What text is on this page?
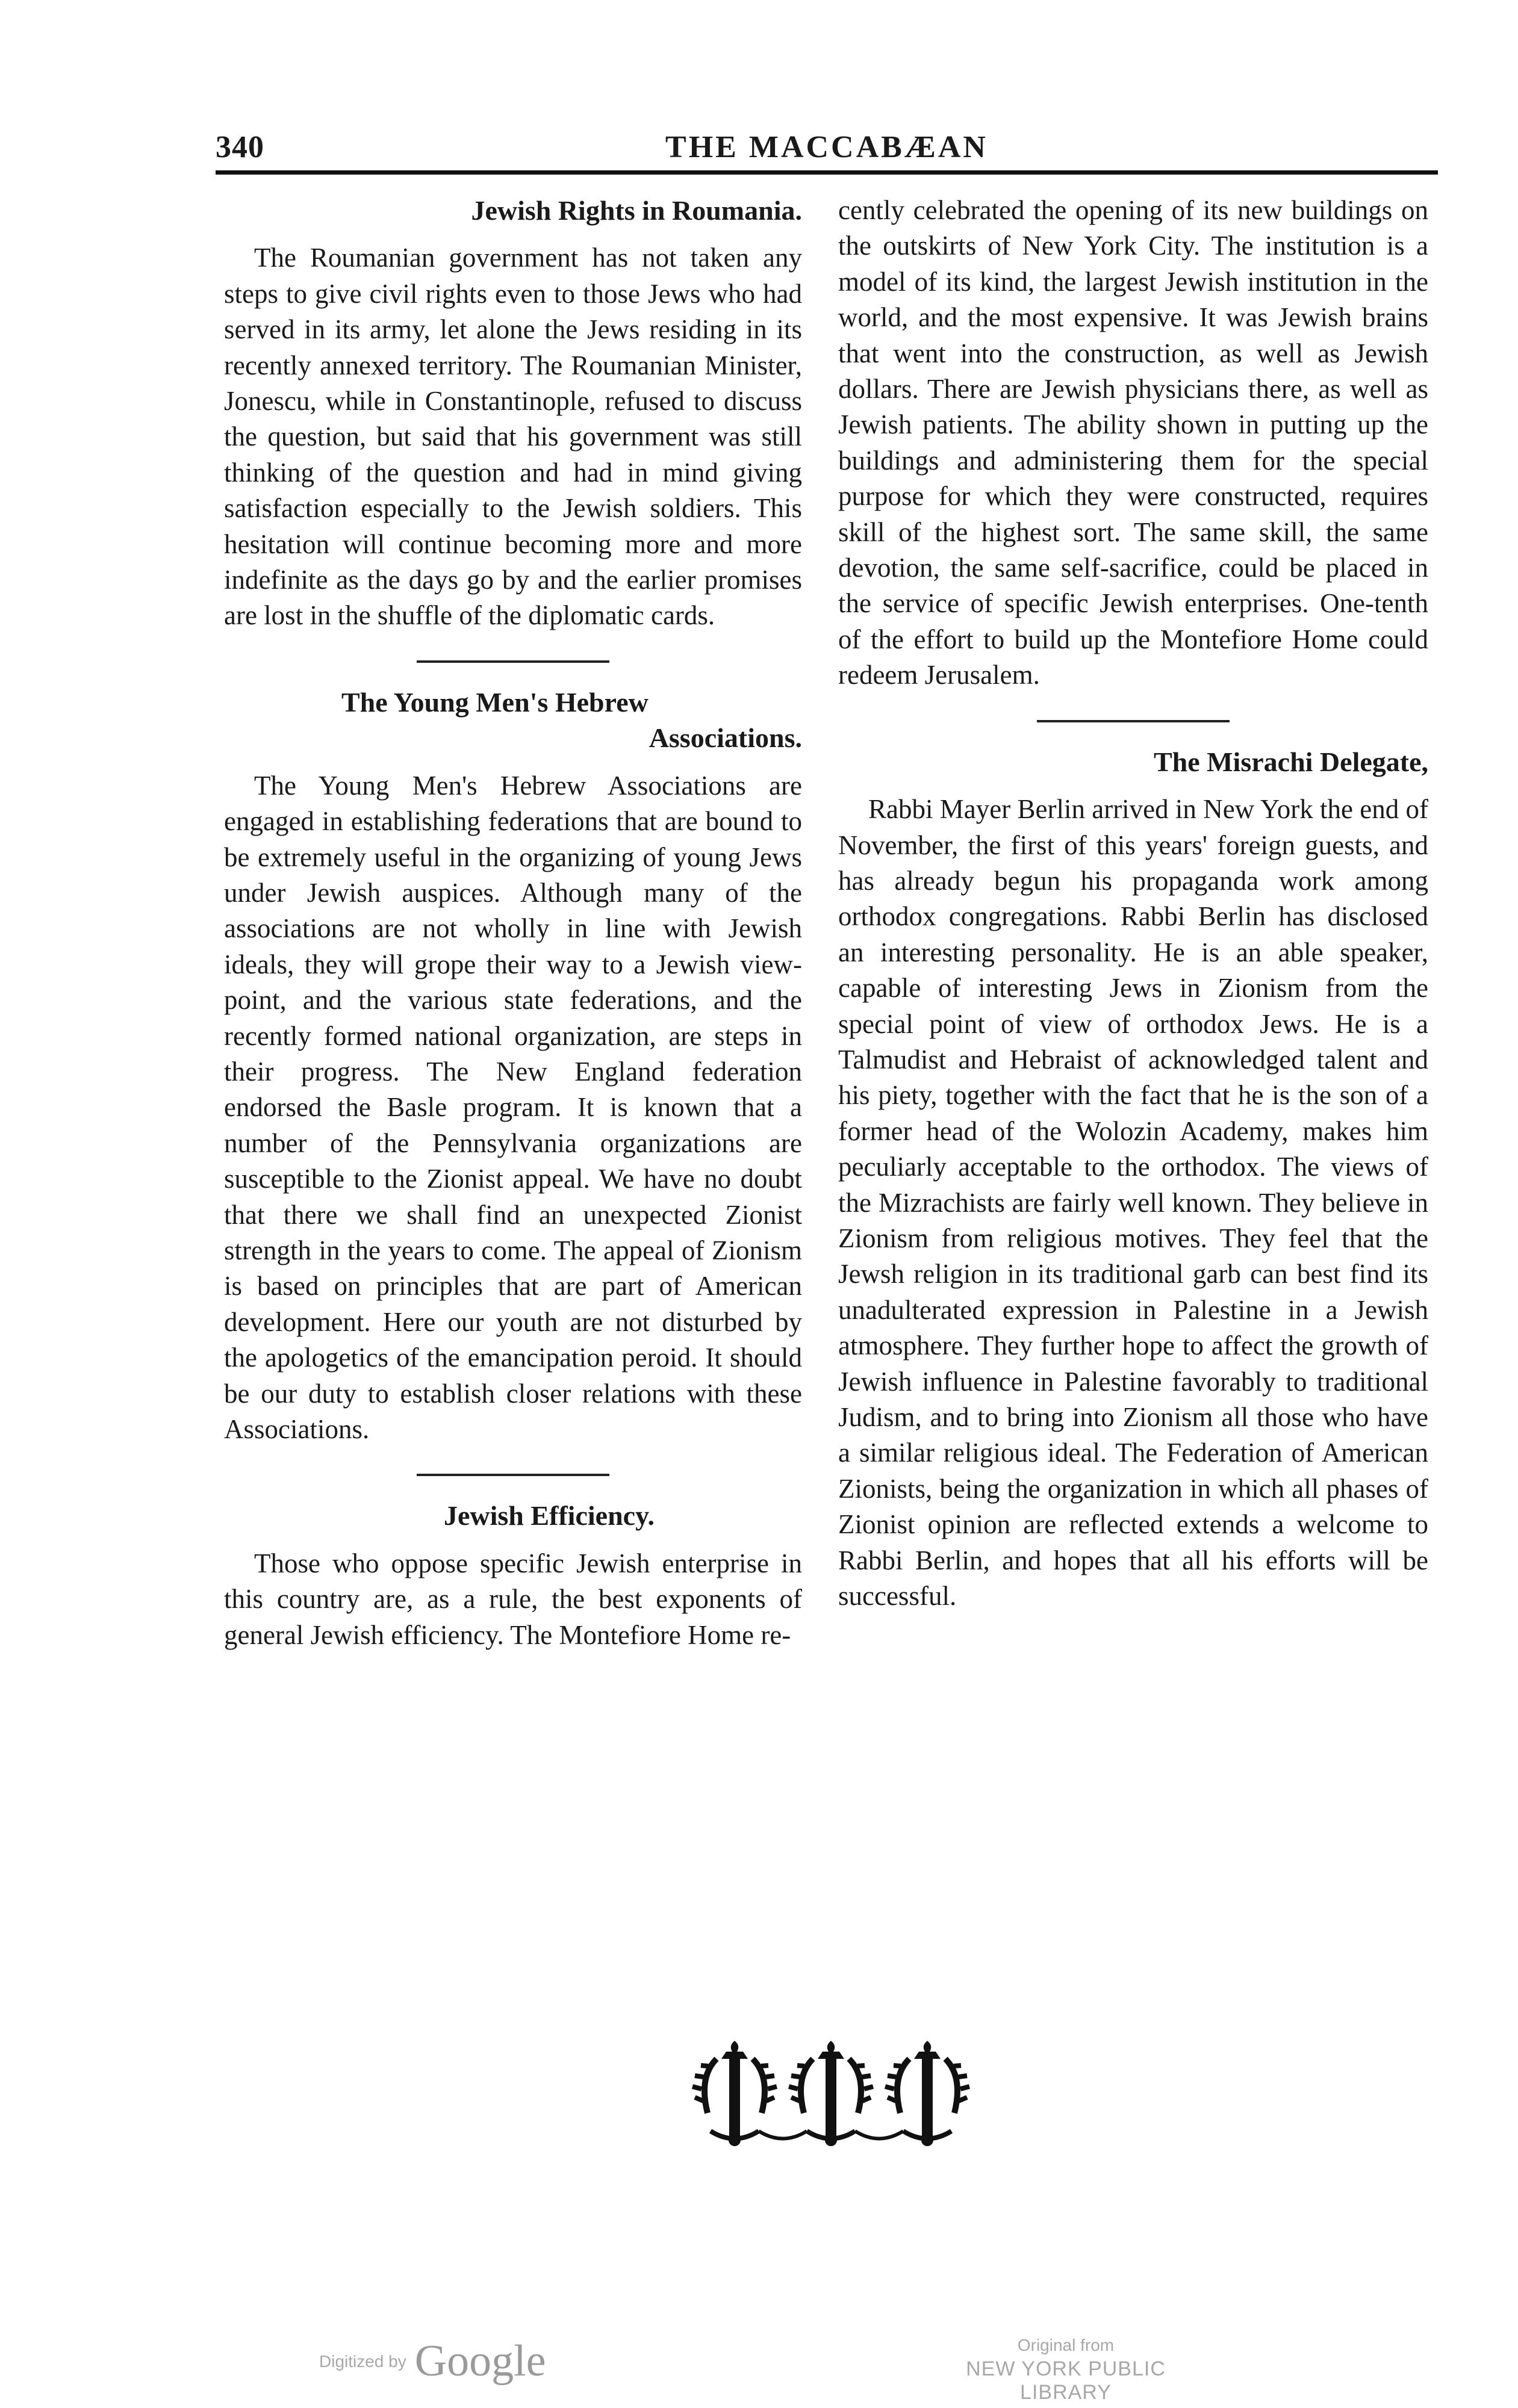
340	THE MACCABÆAN
Jewish Rights in Roumania.

The Roumanian government has not taken any steps to give civil rights even to those Jews who had served in its army, let alone the Jews residing in its recently annexed territory. The Roumanian Minister, Jonescu, while in Constantinople, refused to discuss the question, but said that his government was still thinking of the question and had in mind giving satisfaction especially to the Jewish soldiers. This hesitation will continue becoming more and more indefinite as the days go by and the earlier promises are lost in the shuffle of the diplomatic cards.

The Young Men's Hebrew
Associations.

The Young Men's Hebrew Associations are engaged in establishing federations that are bound to be extremely useful in the organizing of young Jews under Jewish auspices. Although many of the associations are not wholly in line with Jewish ideals, they will grope their way to a Jewish view-point, and the various state federations, and the recently formed national organization, are steps in their progress. The New England federation endorsed the Basle program. It is known that a number of the Pennsylvania organizations are susceptible to the Zionist appeal. We have no doubt that there we shall find an unexpected Zionist strength in the years to come. The appeal of Zionism is based on principles that are part of American development. Here our youth are not disturbed by the apologetics of the emancipation peroid. It should be our duty to establish closer relations with these Associations.

Jewish Efficiency.

Those who oppose specific Jewish enterprise in this country are, as a rule, the best exponents of general Jewish efficiency. The Montefiore Home re-

cently celebrated the opening of its new buildings on the outskirts of New York City. The institution is a model of its kind, the largest Jewish institution in the world, and the most expensive. It was Jewish brains that went into the construction, as well as Jewish dollars. There are Jewish physicians there, as well as Jewish patients. The ability shown in putting up the buildings and administering them for the special purpose for which they were constructed, requires skill of the highest sort. The same skill, the same devotion, the same self-sacrifice, could be placed in the service of specific Jewish enterprises. One-tenth of the effort to build up the Montefiore Home could redeem Jerusalem.

The Misrachi Delegate,

Rabbi Mayer Berlin arrived in New York the end of November, the first of this years' foreign guests, and has already begun his propaganda work among orthodox congregations. Rabbi Berlin has disclosed an interesting personality. He is an able speaker, capable of interesting Jews in Zionism from the special point of view of orthodox Jews. He is a Talmudist and Hebraist of acknowledged talent and his piety, together with the fact that he is the son of a former head of the Wolozin Academy, makes him peculiarly acceptable to the orthodox. The views of the Mizrachists are fairly well known. They believe in Zionism from religious motives. They feel that the Jewsh religion in its traditional garb can best find its unadulterated expression in Palestine in a Jewish atmosphere. They further hope to affect the growth of Jewish influence in Palestine favorably to traditional Judism, and to bring into Zionism all those who have a similar religious ideal. The Federation of American Zionists, being the organization in which all phases of Zionist opinion are reflected extends a welcome to Rabbi Berlin, and hopes that all his efforts will be successful.

Digitized by Google	Original from
NEW YORK PUBLIC LIBRARY
